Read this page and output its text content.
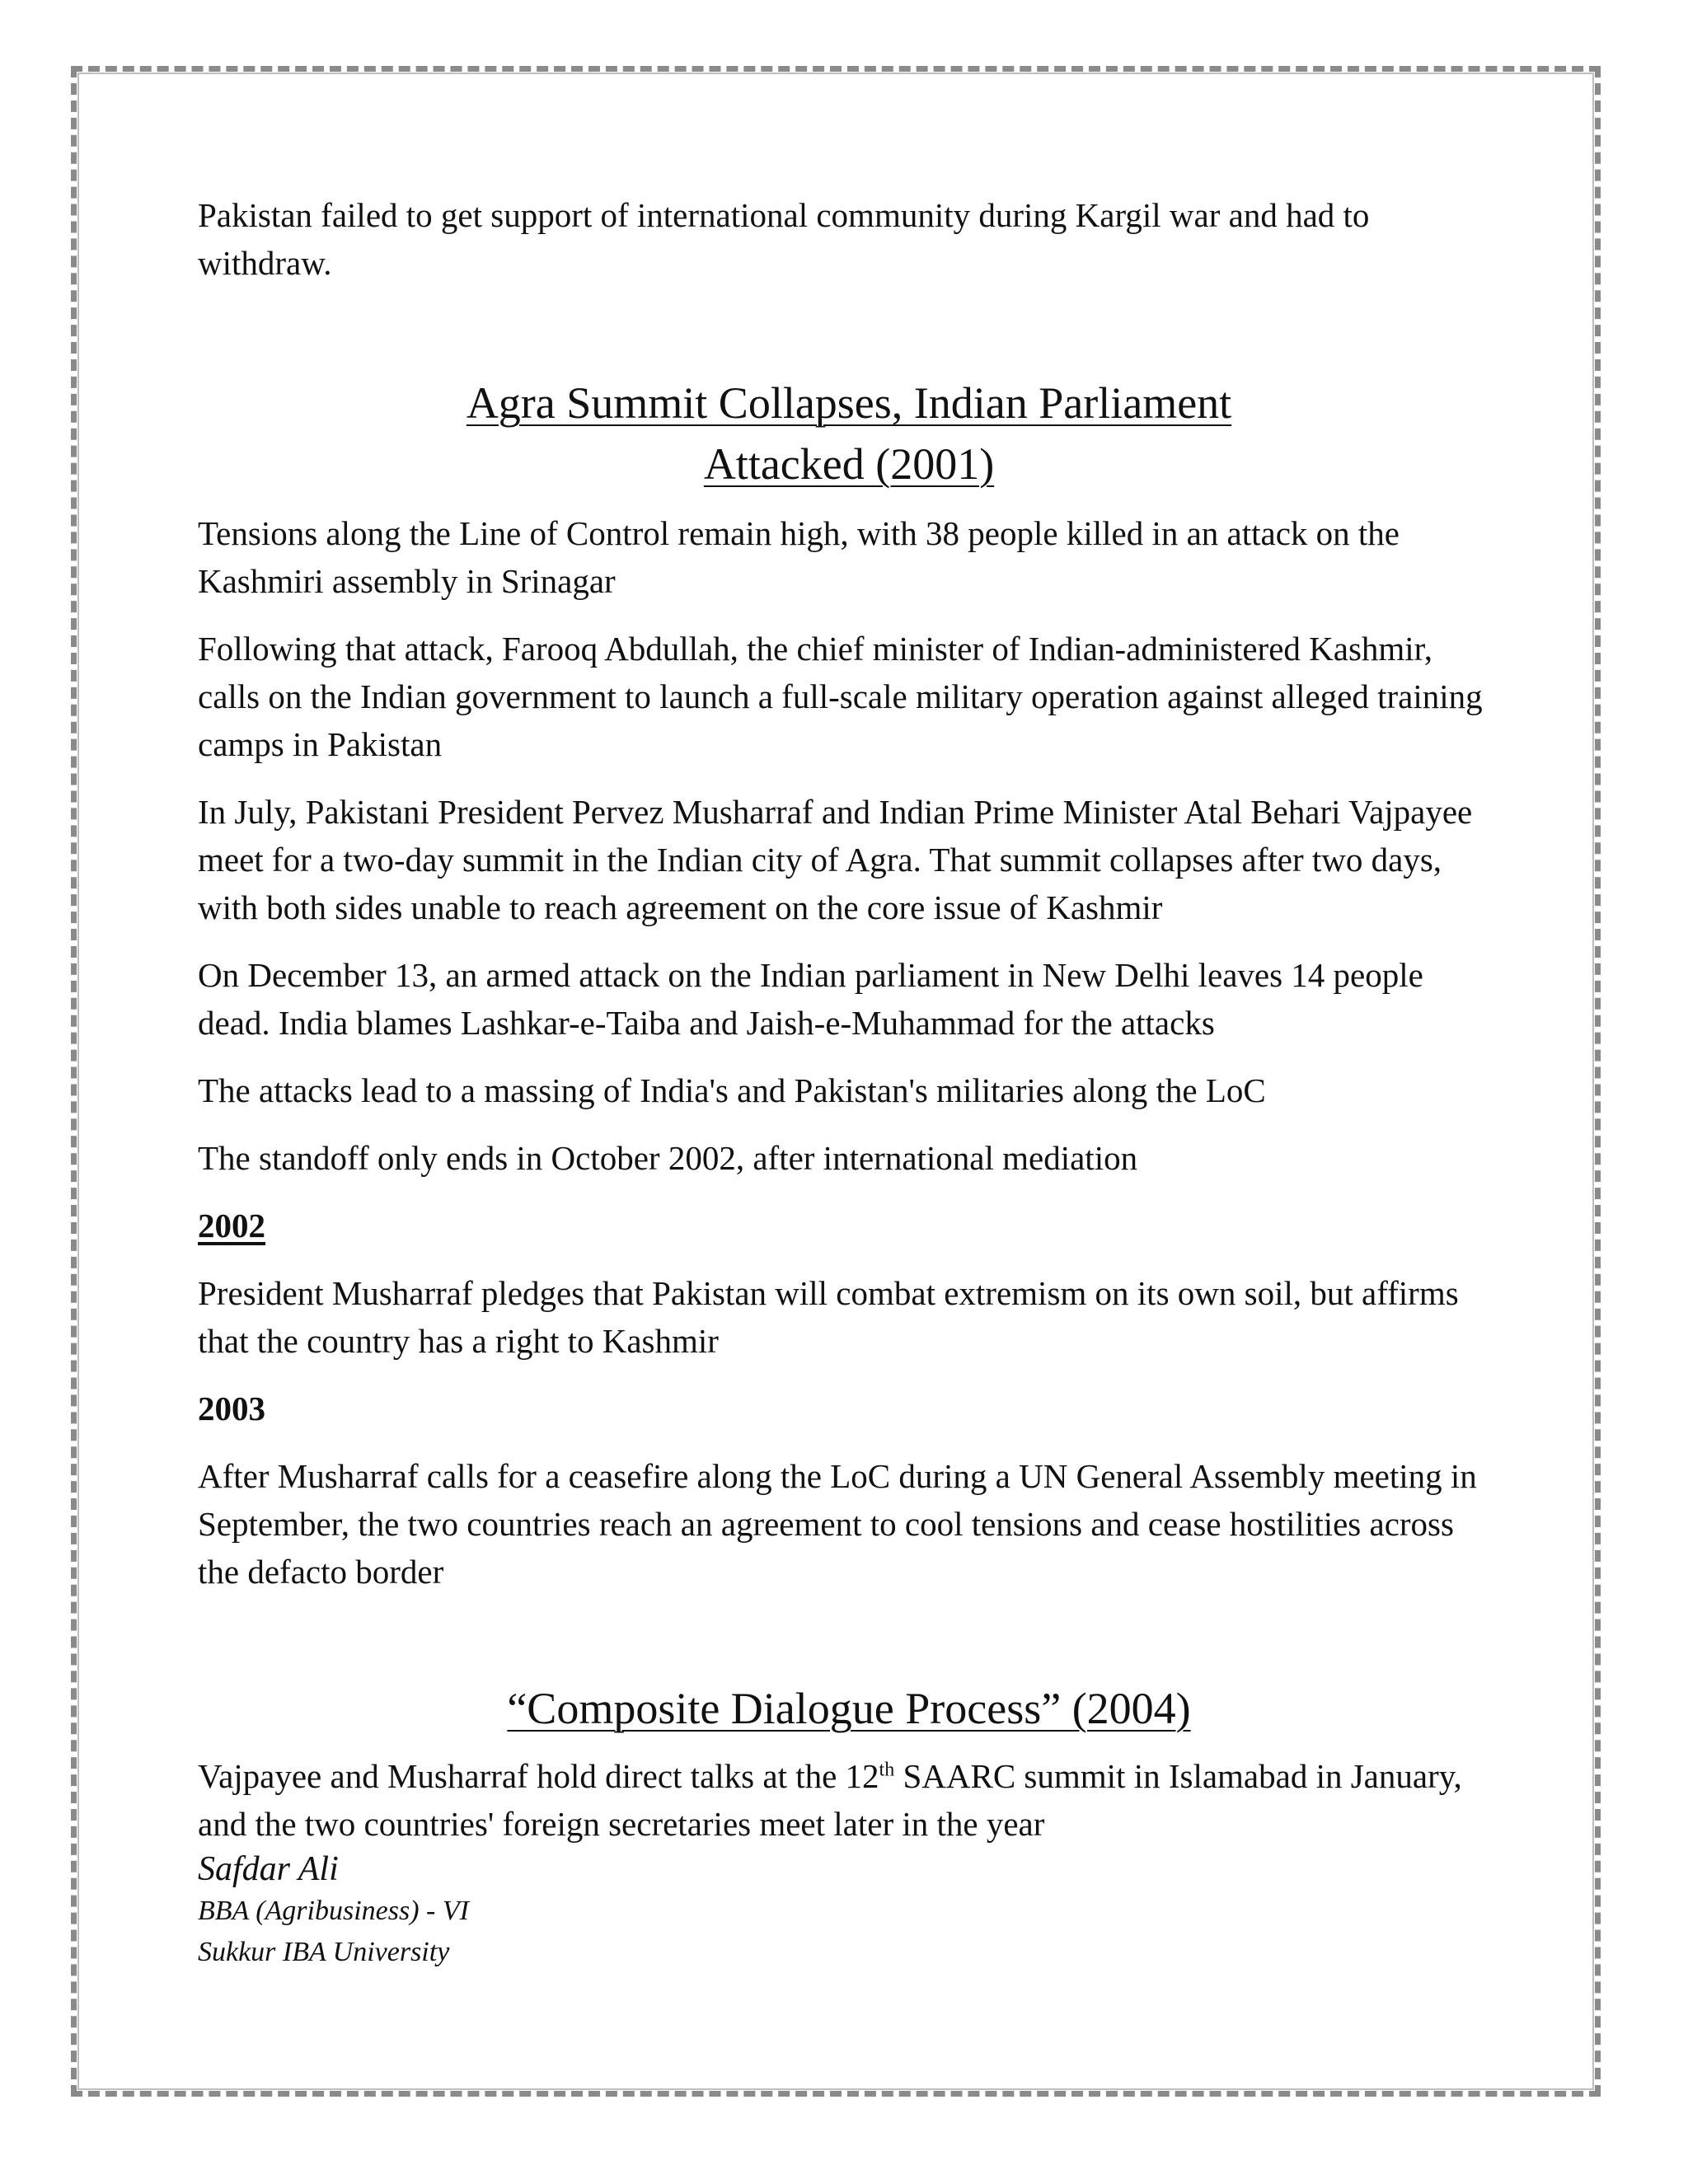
Pakistan failed to get support of international community during Kargil war and had to withdraw.

Agra Summit Collapses, Indian Parliament
Attacked (2001)

Tensions along the Line of Control remain high, with 38 people killed in an attack on the Kashmiri assembly in Srinagar

Following that attack, Farooq Abdullah, the chief minister of Indian-administered Kashmir, calls on the Indian government to launch a full-scale military operation against alleged training camps in Pakistan

In July, Pakistani President Pervez Musharraf and Indian Prime Minister Atal Behari Vajpayee meet for a two-day summit in the Indian city of Agra. That summit collapses after two days, with both sides unable to reach agreement on the core issue of Kashmir

On December 13, an armed attack on the Indian parliament in New Delhi leaves 14 people dead. India blames Lashkar-e-Taiba and Jaish-e-Muhammad for the attacks

The attacks lead to a massing of India's and Pakistan's militaries along the LoC

The standoff only ends in October 2002, after international mediation

2002

President Musharraf pledges that Pakistan will combat extremism on its own soil, but affirms that the country has a right to Kashmir

2003

After Musharraf calls for a ceasefire along the LoC during a UN General Assembly meeting in September, the two countries reach an agreement to cool tensions and cease hostilities across the defacto border

“Composite Dialogue Process” (2004)

Vajpayee and Musharraf hold direct talks at the 12th SAARC summit in Islamabad in January, and the two countries' foreign secretaries meet later in the year

Safdar Ali

BBA (Agribusiness) - VI

Sukkur IBA University
